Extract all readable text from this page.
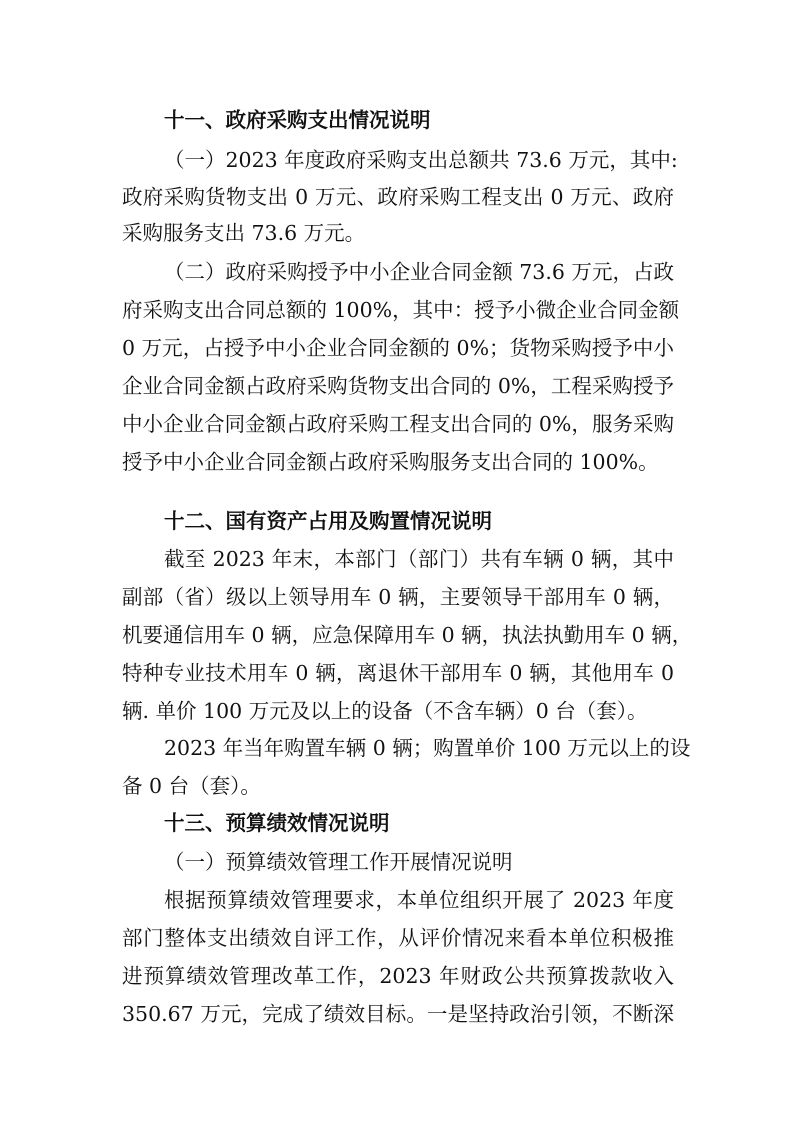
十一、政府采购支出情况说明

（一）2023 年度政府采购支出总额共 73.6 万元，其中:

政府采购货物支出 0 万元、政府采购工程支出 0 万元、政府

采购服务支出 73.6 万元。

（二）政府采购授予中小企业合同金额 73.6 万元，占政

府采购支出合同总额的 100%，其中：授予小微企业合同金额

0 万元，占授予中小企业合同金额的 0%；货物采购授予中小

企业合同金额占政府采购货物支出合同的 0%，工程采购授予

中小企业合同金额占政府采购工程支出合同的 0%，服务采购

授予中小企业合同金额占政府采购服务支出合同的 100%。

十二、国有资产占用及购置情况说明

截至 2023 年末，本部门（部门）共有车辆 0 辆，其中

副部（省）级以上领导用车 0 辆，主要领导干部用车 0 辆，

机要通信用车 0 辆，应急保障用车 0 辆，执法执勤用车 0 辆，

特种专业技术用车 0 辆，离退休干部用车 0 辆，其他用车 0

辆. 单价 100 万元及以上的设备（不含车辆）0 台（套）。

2023 年当年购置车辆 0 辆；购置单价 100 万元以上的设

备 0 台（套）。

十三、预算绩效情况说明

（一）预算绩效管理工作开展情况说明

根据预算绩效管理要求，本单位组织开展了 2023 年度

部门整体支出绩效自评工作，从评价情况来看本单位积极推

进预算绩效管理改革工作，2023 年财政公共预算拨款收入

350.67 万元，完成了绩效目标。一是坚持政治引领，不断深
